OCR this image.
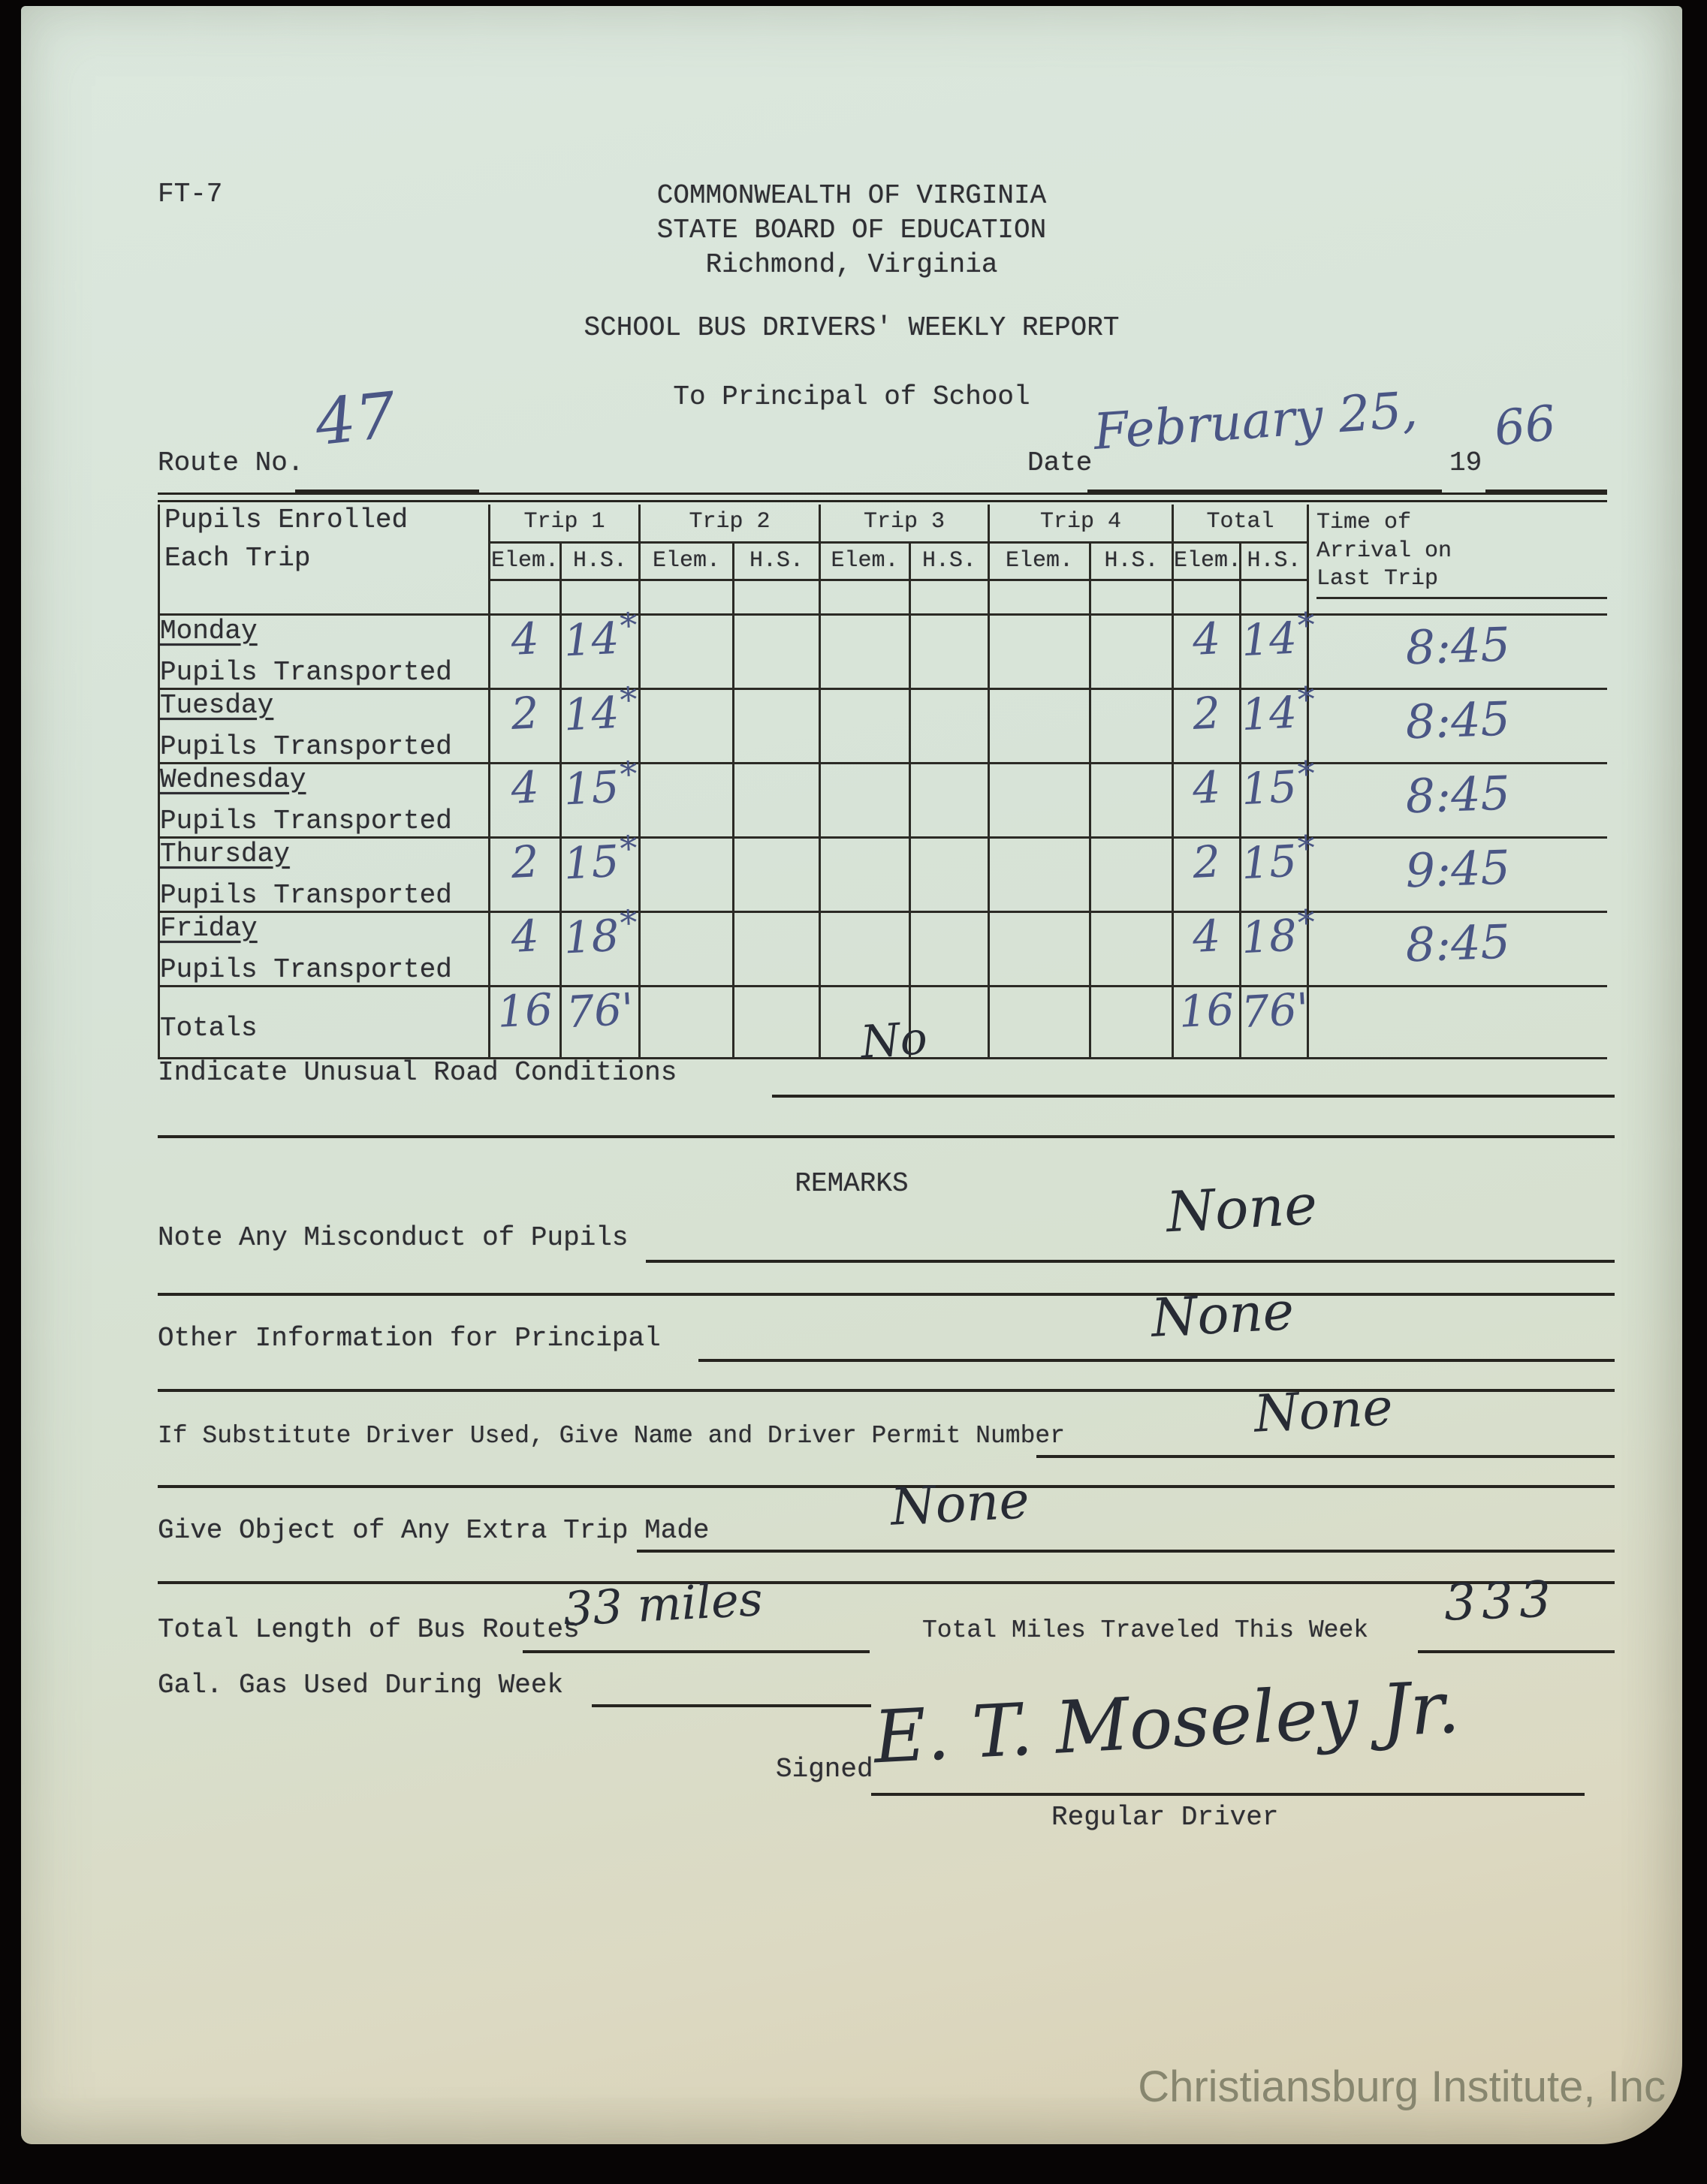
FT-7	COMMONWEALTH OF VIRGINIA
STATE BOARD OF EDUCATION
Richmond, Virginia
SCHOOL BUS DRIVERS' WEEKLY REPORT
To Principal of School
Route No.
47
Date
February 25,
19
66
Pupils Enrolled
Each Trip	Trip 1		Trip 2		Trip 3		Trip 4		Total		Time of
Arrival on
Last Trip

	Elem.	H.S.	Elem.	H.S.	Elem.	H.S.	Elem.	H.S.	Elem.	H.S.	

Monday
Pupils Transported	4	14*							4	14*	8:45

Tuesday
Pupils Transported	2	14*							2	14*	8:45

Wednesday
Pupils Transported	4	15*							4	15*	8:45

Thursday
Pupils Transported	2	15*							2	15*	9:45

Friday
Pupils Transported	4	18*							4	18*	8:45

Totals	16	76'							16	76'	

Indicate Unusual Road Conditions
No
REMARKS
Note Any Misconduct of Pupils	None
Other Information for Principal	None
If Substitute Driver Used, Give Name and Driver Permit Number	None
Give Object of Any Extra Trip Made	None
Total Length of Bus Routes
33 miles	Total Miles Traveled This Week 333
Gal. Gas Used During Week
Signed
E. T. Moseley Jr.
Regular Driver
Christiansburg Institute, Inc
